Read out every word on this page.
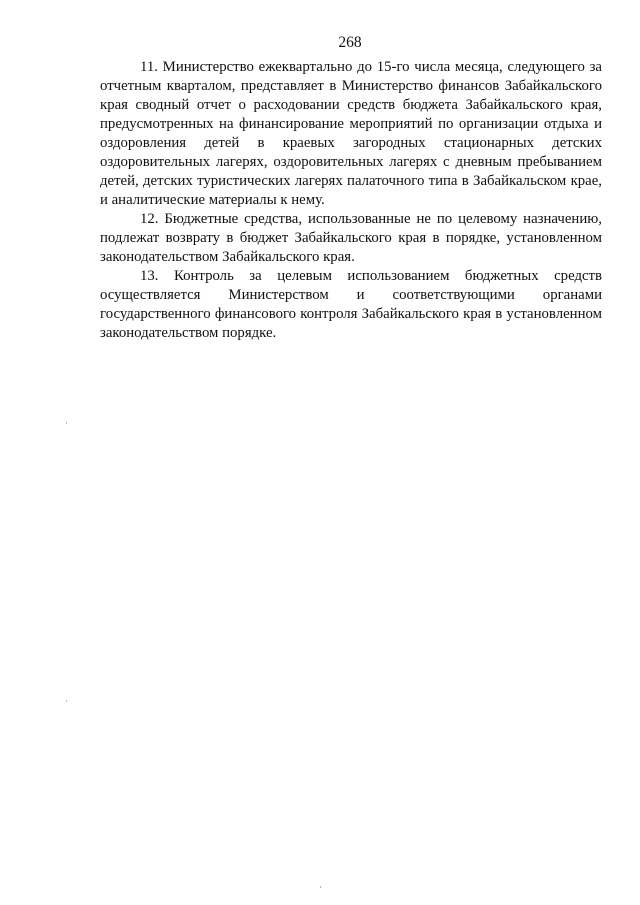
268

11. Министерство ежеквартально до 15-го числа месяца, следующего за отчетным кварталом, представляет в Министерство финансов Забайкальского края сводный отчет о расходовании средств бюджета Забайкальского края, предусмотренных на финансирование мероприятий по организации отдыха и оздоровления детей в краевых загородных стационарных детских оздоровительных лагерях, оздоровительных лагерях с дневным пребыванием детей, детских туристических лагерях палаточного типа в Забайкальском крае, и аналитические материалы к нему.

12. Бюджетные средства, использованные не по целевому назначению, подлежат возврату в бюджет Забайкальского края в порядке, установленном законодательством Забайкальского края.

13. Контроль за целевым использованием бюджетных средств осуществляется Министерством и соответствующими органами государственного финансового контроля Забайкальского края в установленном законодательством порядке.
